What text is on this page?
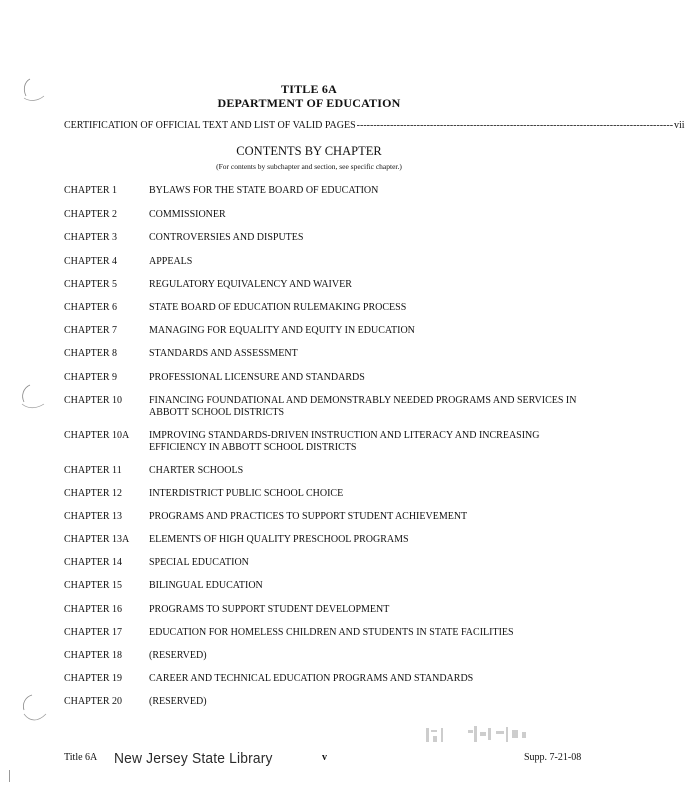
TITLE 6A
DEPARTMENT OF EDUCATION
CERTIFICATION OF OFFICIAL TEXT AND LIST OF VALID PAGES ----------------------------------------------------------------------------------------------- vii
CONTENTS BY CHAPTER
(For contents by subchapter and section, see specific chapter.)
CHAPTER 1	BYLAWS FOR THE STATE BOARD OF EDUCATION
CHAPTER 2	COMMISSIONER
CHAPTER 3	CONTROVERSIES AND DISPUTES
CHAPTER 4	APPEALS
CHAPTER 5	REGULATORY EQUIVALENCY AND WAIVER
CHAPTER 6	STATE BOARD OF EDUCATION RULEMAKING PROCESS
CHAPTER 7	MANAGING FOR EQUALITY AND EQUITY IN EDUCATION
CHAPTER 8	STANDARDS AND ASSESSMENT
CHAPTER 9	PROFESSIONAL LICENSURE AND STANDARDS
CHAPTER 10	FINANCING FOUNDATIONAL AND DEMONSTRABLY NEEDED PROGRAMS AND SERVICES IN ABBOTT SCHOOL DISTRICTS
CHAPTER 10A IMPROVING STANDARDS-DRIVEN INSTRUCTION AND LITERACY AND INCREASING EFFICIENCY IN ABBOTT SCHOOL DISTRICTS
CHAPTER 11	CHARTER SCHOOLS
CHAPTER 12	INTERDISTRICT PUBLIC SCHOOL CHOICE
CHAPTER 13	PROGRAMS AND PRACTICES TO SUPPORT STUDENT ACHIEVEMENT
CHAPTER 13A ELEMENTS OF HIGH QUALITY PRESCHOOL PROGRAMS
CHAPTER 14	SPECIAL EDUCATION
CHAPTER 15	BILINGUAL EDUCATION
CHAPTER 16	PROGRAMS TO SUPPORT STUDENT DEVELOPMENT
CHAPTER 17	EDUCATION FOR HOMELESS CHILDREN AND STUDENTS IN STATE FACILITIES
CHAPTER 18	(RESERVED)
CHAPTER 19	CAREER AND TECHNICAL EDUCATION PROGRAMS AND STANDARDS
CHAPTER 20	(RESERVED)
Title 6A New Jersey State Library	v	Supp. 7-21-08
